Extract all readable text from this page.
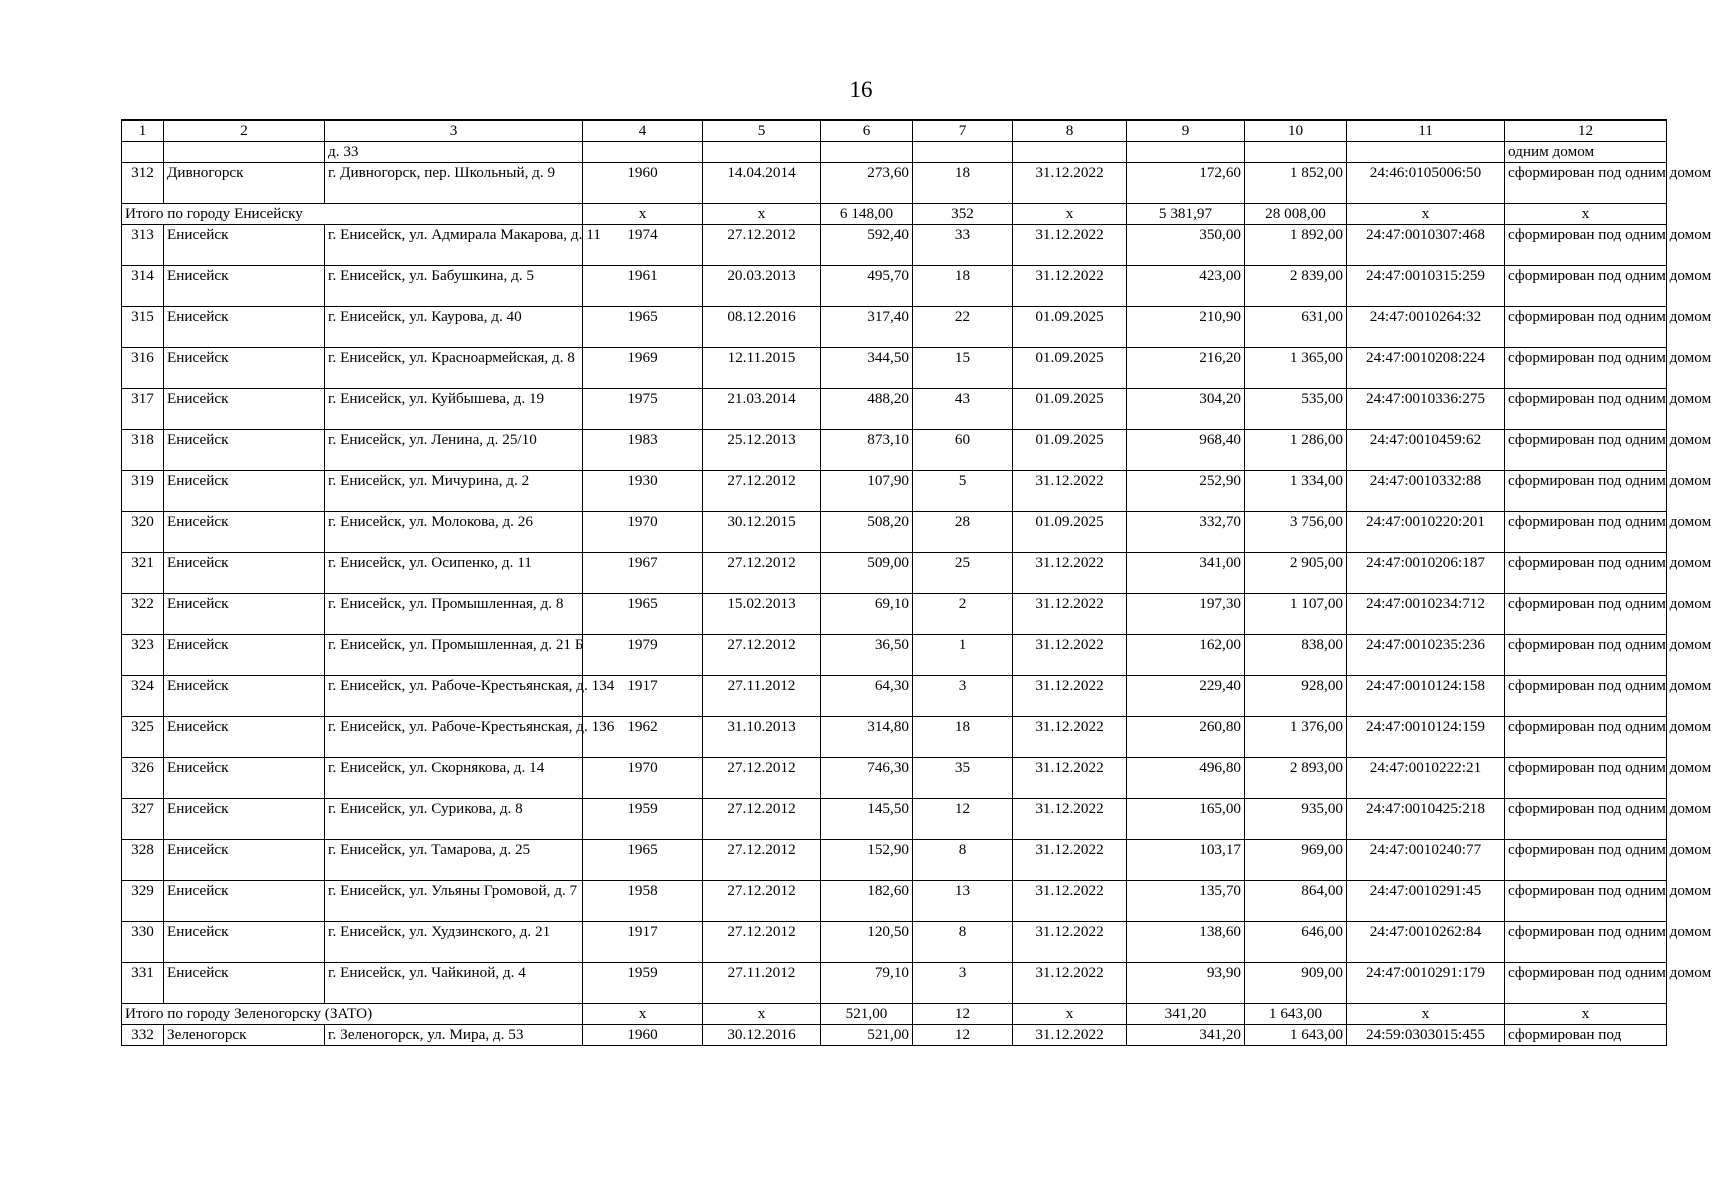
16
1	2	3	4	5	6	7	8	9	10	11	12
		д. 33									одним домом
312	Дивногорск	г. Дивногорск, пер. Школьный, д. 9	1960	14.04.2014	273,60	18	31.12.2022	172,60	1 852,00	24:46:0105006:50	сформирован под одним домом
Итого по городу Енисейску			x	x	6 148,00	352	x	5 381,97	28 008,00	x	x
313	Енисейск	г. Енисейск, ул. Адмирала Макарова, д. 11	1974	27.12.2012	592,40	33	31.12.2022	350,00	1 892,00	24:47:0010307:468	сформирован под одним домом
314	Енисейск	г. Енисейск, ул. Бабушкина, д. 5	1961	20.03.2013	495,70	18	31.12.2022	423,00	2 839,00	24:47:0010315:259	сформирован под одним домом
315	Енисейск	г. Енисейск, ул. Каурова, д. 40	1965	08.12.2016	317,40	22	01.09.2025	210,90	631,00	24:47:0010264:32	сформирован под одним домом
316	Енисейск	г. Енисейск, ул. Красноармейская, д. 8	1969	12.11.2015	344,50	15	01.09.2025	216,20	1 365,00	24:47:0010208:224	сформирован под одним домом
317	Енисейск	г. Енисейск, ул. Куйбышева, д. 19	1975	21.03.2014	488,20	43	01.09.2025	304,20	535,00	24:47:0010336:275	сформирован под одним домом
318	Енисейск	г. Енисейск, ул. Ленина, д. 25/10	1983	25.12.2013	873,10	60	01.09.2025	968,40	1 286,00	24:47:0010459:62	сформирован под одним домом
319	Енисейск	г. Енисейск, ул. Мичурина, д. 2	1930	27.12.2012	107,90	5	31.12.2022	252,90	1 334,00	24:47:0010332:88	сформирован под одним домом
320	Енисейск	г. Енисейск, ул. Молокова, д. 26	1970	30.12.2015	508,20	28	01.09.2025	332,70	3 756,00	24:47:0010220:201	сформирован под одним домом
321	Енисейск	г. Енисейск, ул. Осипенко, д. 11	1967	27.12.2012	509,00	25	31.12.2022	341,00	2 905,00	24:47:0010206:187	сформирован под одним домом
322	Енисейск	г. Енисейск, ул. Промышленная, д. 8	1965	15.02.2013	69,10	2	31.12.2022	197,30	1 107,00	24:47:0010234:712	сформирован под одним домом
323	Енисейск	г. Енисейск, ул. Промышленная, д. 21 Б	1979	27.12.2012	36,50	1	31.12.2022	162,00	838,00	24:47:0010235:236	сформирован под одним домом
324	Енисейск	г. Енисейск, ул. Рабоче-Крестьянская, д. 134	1917	27.11.2012	64,30	3	31.12.2022	229,40	928,00	24:47:0010124:158	сформирован под одним домом
325	Енисейск	г. Енисейск, ул. Рабоче-Крестьянская, д. 136	1962	31.10.2013	314,80	18	31.12.2022	260,80	1 376,00	24:47:0010124:159	сформирован под одним домом
326	Енисейск	г. Енисейск, ул. Скорнякова, д. 14	1970	27.12.2012	746,30	35	31.12.2022	496,80	2 893,00	24:47:0010222:21	сформирован под одним домом
327	Енисейск	г. Енисейск, ул. Сурикова, д. 8	1959	27.12.2012	145,50	12	31.12.2022	165,00	935,00	24:47:0010425:218	сформирован под одним домом
328	Енисейск	г. Енисейск, ул. Тамарова, д. 25	1965	27.12.2012	152,90	8	31.12.2022	103,17	969,00	24:47:0010240:77	сформирован под одним домом
329	Енисейск	г. Енисейск, ул. Ульяны Громовой, д. 7	1958	27.12.2012	182,60	13	31.12.2022	135,70	864,00	24:47:0010291:45	сформирован под одним домом
330	Енисейск	г. Енисейск, ул. Худзинского, д. 21	1917	27.12.2012	120,50	8	31.12.2022	138,60	646,00	24:47:0010262:84	сформирован под одним домом
331	Енисейск	г. Енисейск, ул. Чайкиной, д. 4	1959	27.11.2012	79,10	3	31.12.2022	93,90	909,00	24:47:0010291:179	сформирован под одним домом
Итого по городу Зеленогорску (ЗАТО)			x	x	521,00	12	x	341,20	1 643,00	x	x
332	Зеленогорск	г. Зеленогорск, ул. Мира, д. 53	1960	30.12.2016	521,00	12	31.12.2022	341,20	1 643,00	24:59:0303015:455	сформирован под
